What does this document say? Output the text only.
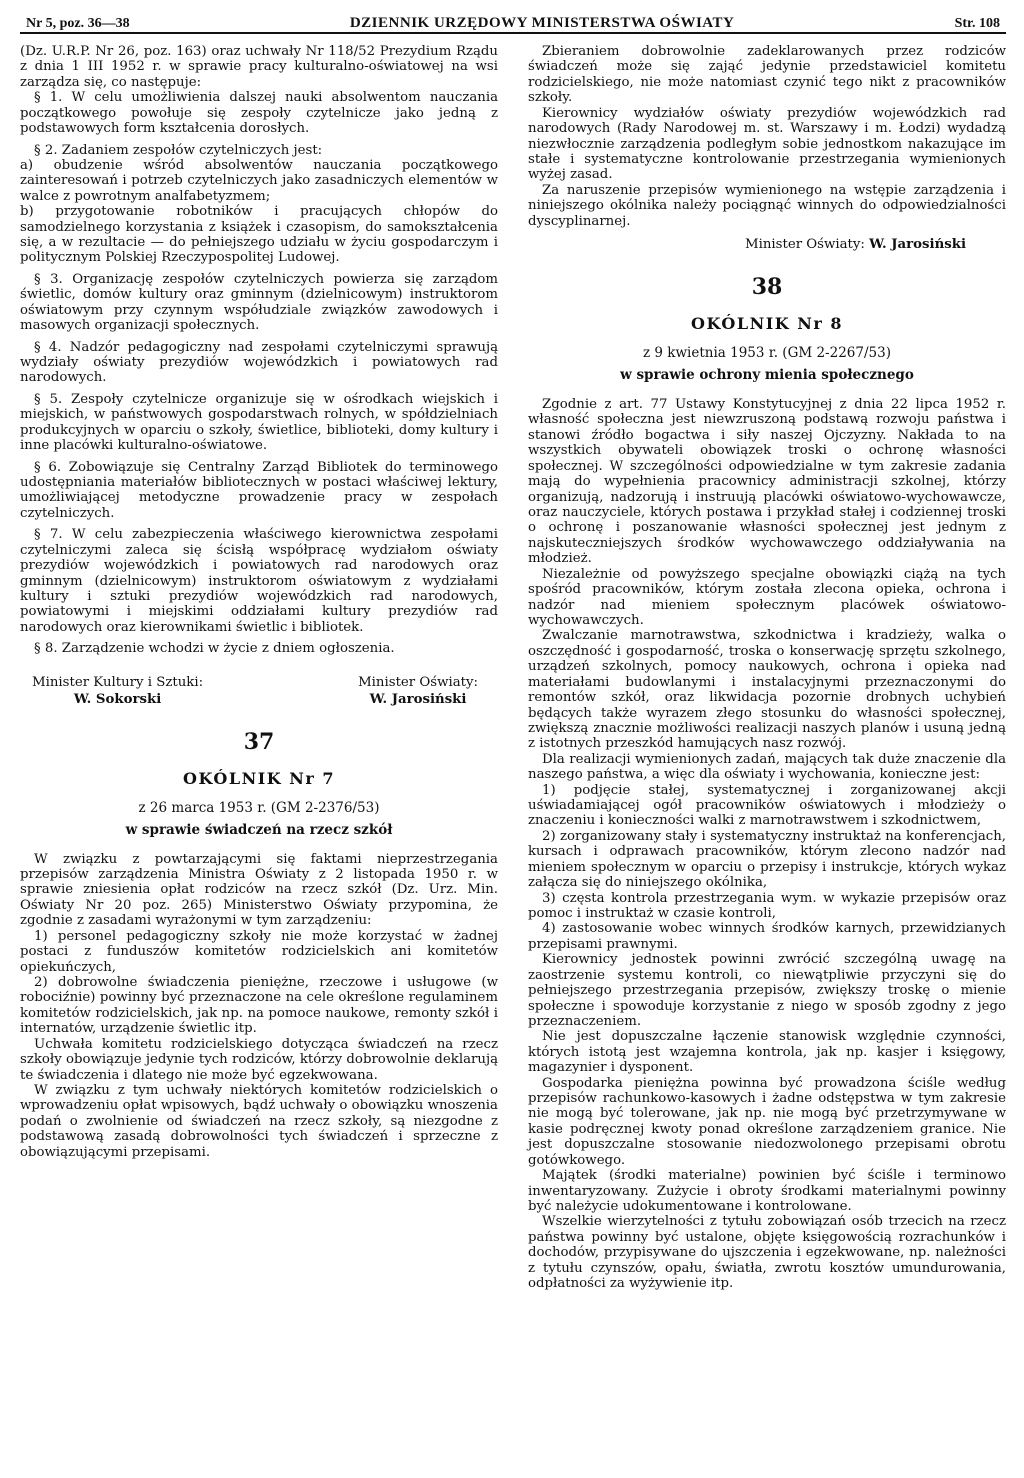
Nr 5, poz. 36—38	DZIENNIK URZĘDOWY MINISTERSTWA OŚWIATY	Str. 108

(Dz. U.R.P. Nr 26, poz. 163) oraz uchwały Nr 118/52 Prezydium Rządu z dnia 1 III 1952 r. w sprawie pracy kulturalno-oświatowej na wsi zarządza się, co następuje:

§ 1. W celu umożliwienia dalszej nauki absolwentom nauczania początkowego powołuje się zespoły czytelnicze jako jedną z podstawowych form kształcenia dorosłych.

§ 2. Zadaniem zespołów czytelniczych jest:

a) obudzenie wśród absolwentów nauczania początkowego zainteresowań i potrzeb czytelniczych jako zasadniczych elementów w walce z powrotnym analfabetyzmem;

b) przygotowanie robotników i pracujących chłopów do samodzielnego korzystania z książek i czasopism, do samokształcenia się, a w rezultacie — do pełniejszego udziału w życiu gospodarczym i politycznym Polskiej Rzeczypospolitej Ludowej.

§ 3. Organizację zespołów czytelniczych powierza się zarządom świetlic, domów kultury oraz gminnym (dzielnicowym) instruktorom oświatowym przy czynnym współudziale związków zawodowych i masowych organizacji społecznych.

§ 4. Nadzór pedagogiczny nad zespołami czytelniczymi sprawują wydziały oświaty prezydiów wojewódzkich i powiatowych rad narodowych.

§ 5. Zespoły czytelnicze organizuje się w ośrodkach wiejskich i miejskich, w państwowych gospodarstwach rolnych, w spółdzielniach produkcyjnych w oparciu o szkoły, świetlice, biblioteki, domy kultury i inne placówki kulturalno-oświatowe.

§ 6. Zobowiązuje się Centralny Zarząd Bibliotek do terminowego udostępniania materiałów bibliotecznych w postaci właściwej lektury, umożliwiającej metodyczne prowadzenie pracy w zespołach czytelniczych.

§ 7. W celu zabezpieczenia właściwego kierownictwa zespołami czytelniczymi zaleca się ścisłą współpracę wydziałom oświaty prezydiów wojewódzkich i powiatowych rad narodowych oraz gminnym (dzielnicowym) instruktorom oświatowym z wydziałami kultury i sztuki prezydiów wojewódzkich rad narodowych, powiatowymi i miejskimi oddziałami kultury prezydiów rad narodowych oraz kierownikami świetlic i bibliotek.

§ 8. Zarządzenie wchodzi w życie z dniem ogłoszenia.

Minister Kultury i Sztuki:
W. Sokorski
Minister Oświaty:
W. Jarosiński
37
OKÓLNIK Nr 7
z 26 marca 1953 r. (GM 2-2376/53)
w sprawie świadczeń na rzecz szkół

W związku z powtarzającymi się faktami nieprzestrzegania przepisów zarządzenia Ministra Oświaty z 2 listopada 1950 r. w sprawie zniesienia opłat rodziców na rzecz szkół (Dz. Urz. Min. Oświaty Nr 20 poz. 265) Ministerstwo Oświaty przypomina, że zgodnie z zasadami wyrażonymi w tym zarządzeniu:

1) personel pedagogiczny szkoły nie może korzystać w żadnej postaci z funduszów komitetów rodzicielskich ani komitetów opiekuńczych,

2) dobrowolne świadczenia pieniężne, rzeczowe i usługowe (w robociźnie) powinny być przeznaczone na cele określone regulaminem komitetów rodzicielskich, jak np. na pomoce naukowe, remonty szkół i internatów, urządzenie świetlic itp.

Uchwała komitetu rodzicielskiego dotycząca świadczeń na rzecz szkoły obowiązuje jedynie tych rodziców, którzy dobrowolnie deklarują te świadczenia i dlatego nie może być egzekwowana.

W związku z tym uchwały niektórych komitetów rodzicielskich o wprowadzeniu opłat wpisowych, bądź uchwały o obowiązku wnoszenia podań o zwolnienie od świadczeń na rzecz szkoły, są niezgodne z podstawową zasadą dobrowolności tych świadczeń i sprzeczne z obowiązującymi przepisami.

Zbieraniem dobrowolnie zadeklarowanych przez rodziców świadczeń może się zająć jedynie przedstawiciel komitetu rodzicielskiego, nie może natomiast czynić tego nikt z pracowników szkoły.

Kierownicy wydziałów oświaty prezydiów wojewódzkich rad narodowych (Rady Narodowej m. st. Warszawy i m. Łodzi) wydadzą niezwłocznie zarządzenia podległym sobie jednostkom nakazujące im stałe i systematyczne kontrolowanie przestrzegania wymienionych wyżej zasad.

Za naruszenie przepisów wymienionego na wstępie zarządzenia i niniejszego okólnika należy pociągnąć winnych do odpowiedzialności dyscyplinarnej.

Minister Oświaty: W. Jarosiński
38
OKÓLNIK Nr 8
z 9 kwietnia 1953 r. (GM 2-2267/53)
w sprawie ochrony mienia społecznego

Zgodnie z art. 77 Ustawy Konstytucyjnej z dnia 22 lipca 1952 r. własność społeczna jest niewzruszoną podstawą rozwoju państwa i stanowi źródło bogactwa i siły naszej Ojczyzny. Nakłada to na wszystkich obywateli obowiązek troski o ochronę własności społecznej. W szczególności odpowiedzialne w tym zakresie zadania mają do wypełnienia pracownicy administracji szkolnej, którzy organizują, nadzorują i instruują placówki oświatowo-wychowawcze, oraz nauczyciele, których postawa i przykład stałej i codziennej troski o ochronę i poszanowanie własności społecznej jest jednym z najskuteczniejszych środków wychowawczego oddziaływania na młodzież.

Niezależnie od powyższego specjalne obowiązki ciążą na tych spośród pracowników, którym została zlecona opieka, ochrona i nadzór nad mieniem społecznym placówek oświatowo-wychowawczych.

Zwalczanie marnotrawstwa, szkodnictwa i kradzieży, walka o oszczędność i gospodarność, troska o konserwację sprzętu szkolnego, urządzeń szkolnych, pomocy naukowych, ochrona i opieka nad materiałami budowlanymi i instalacyjnymi przeznaczonymi do remontów szkół, oraz likwidacja pozornie drobnych uchybień będących także wyrazem złego stosunku do własności społecznej, zwiększą znacznie możliwości realizacji naszych planów i usuną jedną z istotnych przeszkód hamujących nasz rozwój.

Dla realizacji wymienionych zadań, mających tak duże znaczenie dla naszego państwa, a więc dla oświaty i wychowania, konieczne jest:

1) podjęcie stałej, systematycznej i zorganizowanej akcji uświadamiającej ogół pracowników oświatowych i młodzieży o znaczeniu i konieczności walki z marnotrawstwem i szkodnictwem,

2) zorganizowany stały i systematyczny instruktaż na konferencjach, kursach i odprawach pracowników, którym zlecono nadzór nad mieniem społecznym w oparciu o przepisy i instrukcje, których wykaz załącza się do niniejszego okólnika,

3) częsta kontrola przestrzegania wym. w wykazie przepisów oraz pomoc i instruktaż w czasie kontroli,

4) zastosowanie wobec winnych środków karnych, przewidzianych przepisami prawnymi.

Kierownicy jednostek powinni zwrócić szczególną uwagę na zaostrzenie systemu kontroli, co niewątpliwie przyczyni się do pełniejszego przestrzegania przepisów, zwiększy troskę o mienie społeczne i spowoduje korzystanie z niego w sposób zgodny z jego przeznaczeniem.

Nie jest dopuszczalne łączenie stanowisk względnie czynności, których istotą jest wzajemna kontrola, jak np. kasjer i księgowy, magazynier i dysponent.

Gospodarka pieniężna powinna być prowadzona ściśle według przepisów rachunkowo-kasowych i żadne odstępstwa w tym zakresie nie mogą być tolerowane, jak np. nie mogą być przetrzymywane w kasie podręcznej kwoty ponad określone zarządzeniem granice. Nie jest dopuszczalne stosowanie niedozwolonego przepisami obrotu gotówkowego.

Majątek (środki materialne) powinien być ściśle i terminowo inwentaryzowany. Zużycie i obroty środkami materialnymi powinny być należycie udokumentowane i kontrolowane.

Wszelkie wierzytelności z tytułu zobowiązań osób trzecich na rzecz państwa powinny być ustalone, objęte księgowością rozrachunków i dochodów, przypisywane do ujszczenia i egzekwowane, np. należności z tytułu czynszów, opału, światła, zwrotu kosztów umundurowania, odpłatności za wyżywienie itp.
